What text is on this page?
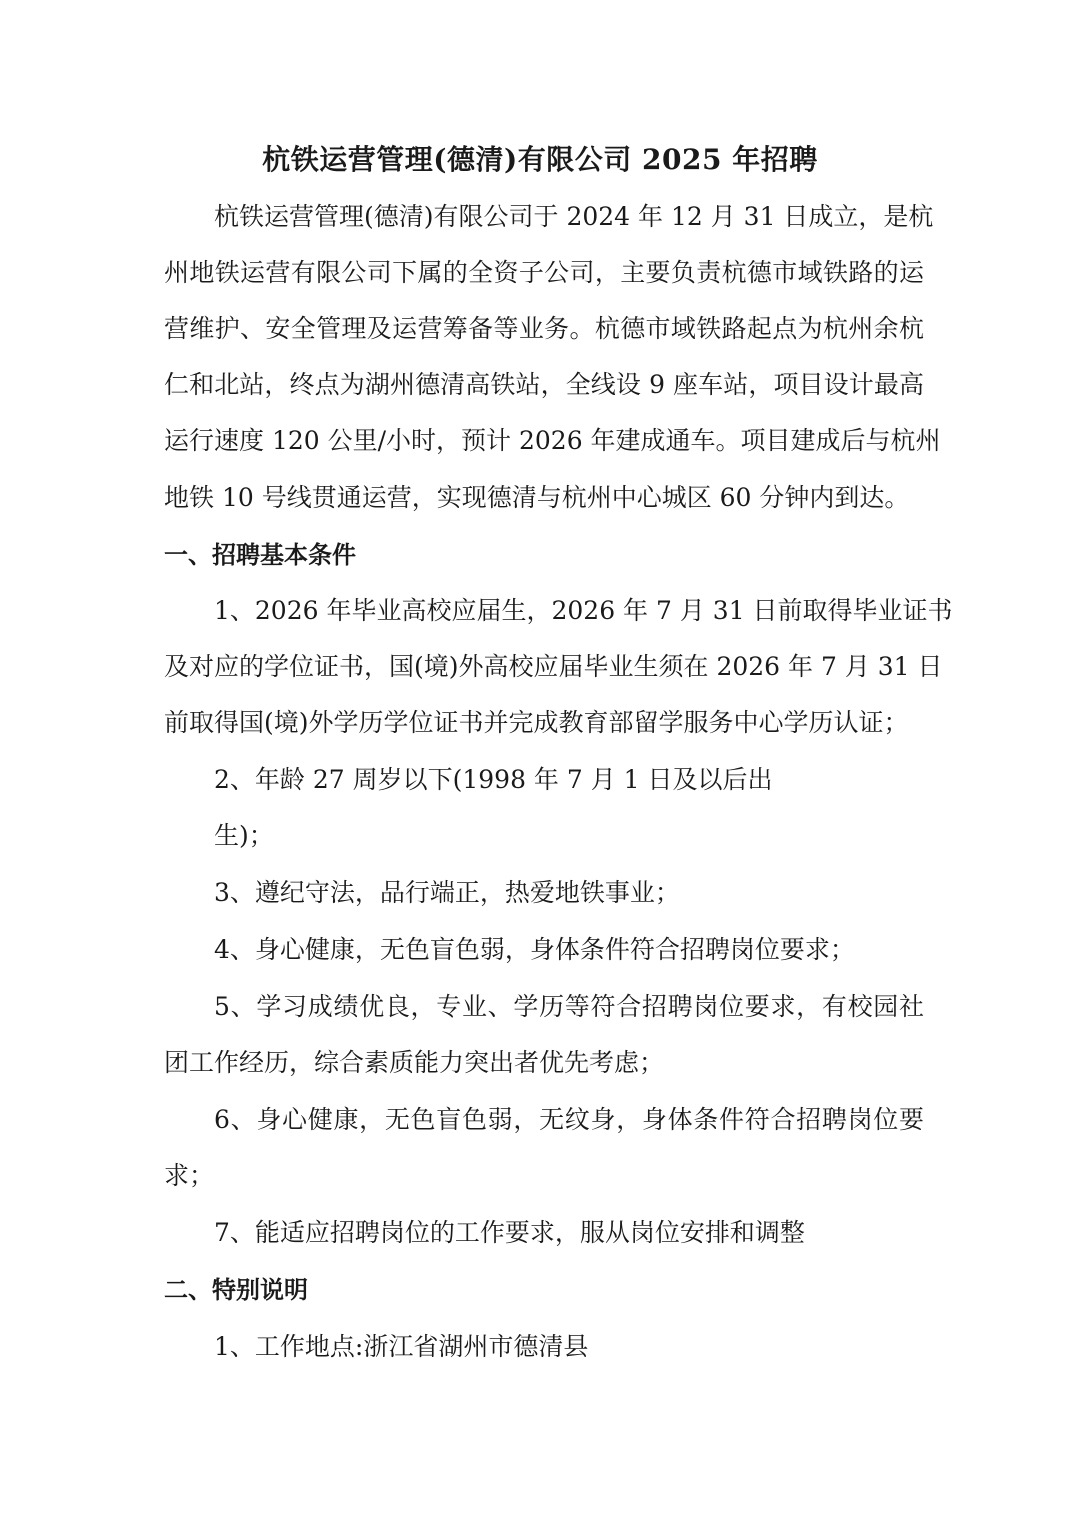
杭铁运营管理(德清)有限公司 2025 年招聘

杭铁运营管理(德清)有限公司于 2024 年 12 月 31 日成立，是杭

州地铁运营有限公司下属的全资子公司，主要负责杭德市域铁路的运

营维护、安全管理及运营筹备等业务。杭德市域铁路起点为杭州余杭

仁和北站，终点为湖州德清高铁站，全线设 9 座车站，项目设计最高

运行速度 120 公里/小时，预计 2026 年建成通车。项目建成后与杭州

地铁 10 号线贯通运营，实现德清与杭州中心城区 60 分钟内到达。

一、招聘基本条件

1、2026 年毕业高校应届生，2026 年 7 月 31 日前取得毕业证书

及对应的学位证书，国(境)外高校应届毕业生须在 2026 年 7 月 31 日

前取得国(境)外学历学位证书并完成教育部留学服务中心学历认证；

2、年龄 27 周岁以下(1998 年 7 月 1 日及以后出

生)；

3、遵纪守法，品行端正，热爱地铁事业；

4、身心健康，无色盲色弱，身体条件符合招聘岗位要求；

5、学习成绩优良，专业、学历等符合招聘岗位要求，有校园社

团工作经历，综合素质能力突出者优先考虑；

6、身心健康，无色盲色弱，无纹身，身体条件符合招聘岗位要

求；

7、能适应招聘岗位的工作要求，服从岗位安排和调整

二、特别说明

1、工作地点:浙江省湖州市德清县
